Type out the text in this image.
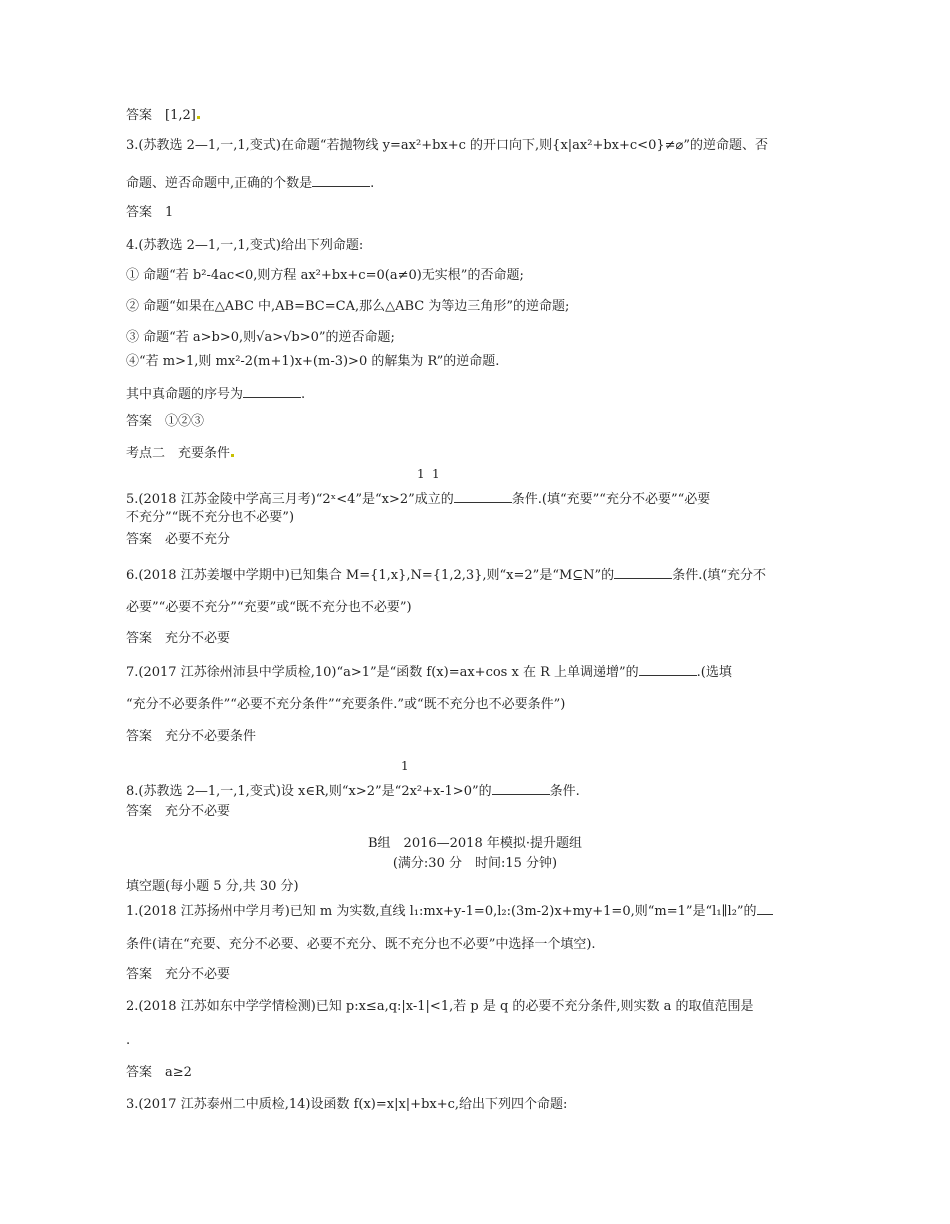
答案　[1,2]
3.(苏教选 2—1,一,1,变式)在命题“若抛物线 y=ax²+bx+c 的开口向下,则{x|ax²+bx+c<0}≠⌀”的逆命题、否
命题、逆否命题中,正确的个数是	.
答案　1
4.(苏教选 2—1,一,1,变式)给出下列命题:
① 命题“若 b²-4ac<0,则方程 ax²+bx+c=0(a≠0)无实根”的否命题;
② 命题“如果在△ABC 中,AB=BC=CA,那么△ABC 为等边三角形”的逆命题;
③ 命题“若 a>b>0,则√a>√b>0”的逆否命题;
④“若 m>1,则 mx²-2(m+1)x+(m-3)>0 的解集为 R”的逆命题.
其中真命题的序号为	.
答案　①②③
考点二　充要条件
1 1
5.(2018 江苏金陵中学高三月考)“2ˣ<4”是“x>2”成立的	条件.(填“充要”“充分不必要”“必要
不充分”“既不充分也不必要”)
答案　必要不充分
6.(2018 江苏姜堰中学期中)已知集合 M={1,x},N={1,2,3},则“x=2”是“M⊆N”的	条件.(填“充分不
必要”“必要不充分”“充要”或“既不充分也不必要”)
答案　充分不必要
7.(2017 江苏徐州沛县中学质检,10)“a>1”是“函数 f(x)=ax+cos x 在 R 上单调递增”的	.(选填
“充分不必要条件”“必要不充分条件”“充要条件.”或“既不充分也不必要条件”)
答案　充分不必要条件
1
8.(苏教选 2—1,一,1,变式)设 x∈R,则“x>2”是“2x²+x-1>0”的	条件.
答案　充分不必要
B组　2016—2018 年模拟·提升题组
(满分:30 分　时间:15 分钟)
填空题(每小题 5 分,共 30 分)
1.(2018 江苏扬州中学月考)已知 m 为实数,直线 l₁:mx+y-1=0,l₂:(3m-2)x+my+1=0,则“m=1”是“l₁∥l₂”的
条件(请在“充要、充分不必要、必要不充分、既不充分也不必要”中选择一个填空).
答案　充分不必要
2.(2018 江苏如东中学学情检测)已知 p:x≤a,q:|x-1|<1,若 p 是 q 的必要不充分条件,则实数 a 的取值范围是
.
答案　a≥2
3.(2017 江苏泰州二中质检,14)设函数 f(x)=x|x|+bx+c,给出下列四个命题:
